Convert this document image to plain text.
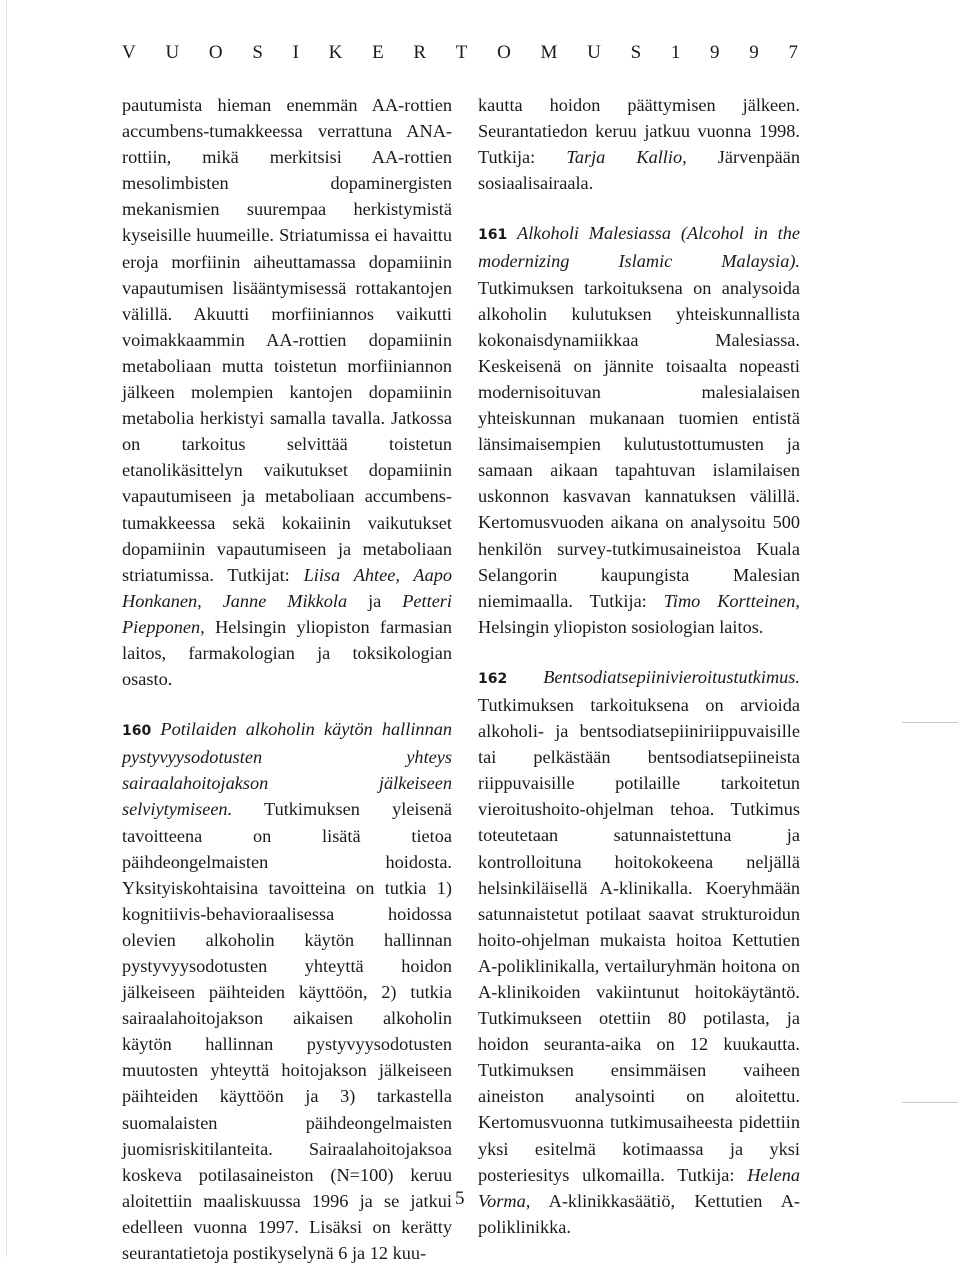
V U O S I K E R T O M U S 1 9 9 7

pautumista hieman enemmän AA-rottien accumbens-tumakkeessa verrattuna ANA-rottiin, mikä merkitsisi AA-rottien mesolimbisten dopaminergisten mekanismien suurempaa herkistymistä kyseisille huumeille. Striatumissa ei havaittu eroja morfiinin aiheuttamassa dopamiinin vapautumisen lisääntymisessä rottakantojen välillä. Akuutti morfiiniannos vaikutti voimakkaammin AA-rottien dopamiinin metaboliaan mutta toistetun morfiiniannon jälkeen molempien kantojen dopamiinin metabolia herkistyi samalla tavalla. Jatkossa on tarkoitus selvittää toistetun etanolikäsittelyn vaikutukset dopamiinin vapautumiseen ja metaboliaan accumbens-tumakkeessa sekä kokaiinin vaikutukset dopamiinin vapautumiseen ja metaboliaan striatumissa. Tutkijat: Liisa Ahtee, Aapo Honkanen, Janne Mikkola ja Petteri Piepponen, Helsingin yliopiston farmasian laitos, farmakologian ja toksikologian osasto.

160 Potilaiden alkoholin käytön hallinnan pystyvyysodotusten yhteys sairaalahoitojakson jälkeiseen selviytymiseen. Tutkimuksen yleisenä tavoitteena on lisätä tietoa päihdeongelmaisten hoidosta. Yksityiskohtaisina tavoitteina on tutkia 1) kognitiivis-behavioraalisessa hoidossa olevien alkoholin käytön hallinnan pystyvyysodotusten yhteyttä hoidon jälkeiseen päihteiden käyttöön, 2) tutkia sairaalahoitojakson aikaisen alkoholin käytön hallinnan pystyvyysodotusten muutosten yhteyttä hoitojakson jälkeiseen päihteiden käyttöön ja 3) tarkastella suomalaisten päihdeongelmaisten juomisriskitilanteita. Sairaalahoitojaksoa koskeva potilasaineiston (N=100) keruu aloitettiin maaliskuussa 1996 ja se jatkui edelleen vuonna 1997. Lisäksi on kerätty seurantatietoja postikyselynä 6 ja 12 kuu-

kautta hoidon päättymisen jälkeen. Seurantatiedon keruu jatkuu vuonna 1998. Tutkija: Tarja Kallio, Järvenpään sosiaalisairaala.

161 Alkoholi Malesiassa (Alcohol in the modernizing Islamic Malaysia). Tutkimuksen tarkoituksena on analysoida alkoholin kulutuksen yhteiskunnallista kokonaisdynamiikkaa Malesiassa. Keskeisenä on jännite toisaalta nopeasti modernisoituvan malesialaisen yhteiskunnan mukanaan tuomien entistä länsimaisempien kulutustottumusten ja samaan aikaan tapahtuvan islamilaisen uskonnon kasvavan kannatuksen välillä. Kertomusvuoden aikana on analysoitu 500 henkilön survey-tutkimusaineistoa Kuala Selangorin kaupungista Malesian niemimaalla. Tutkija: Timo Kortteinen, Helsingin yliopiston sosiologian laitos.

162 Bentsodiatsepiinivieroitustutkimus. Tutkimuksen tarkoituksena on arvioida alkoholi- ja bentsodiatsepiiniriippuvaisille tai pelkästään bentsodiatsepiineista riippuvaisille potilaille tarkoitetun vieroitushoito-ohjelman tehoa. Tutkimus toteutetaan satunnaistettuna ja kontrolloituna hoitokokeena neljällä helsinkiläisellä A-klinikalla. Koeryhmään satunnaistetut potilaat saavat strukturoidun hoito-ohjelman mukaista hoitoa Kettutien A-poliklinikalla, vertailuryhmän hoitona on A-klinikoiden vakiintunut hoitokäytäntö. Tutkimukseen otettiin 80 potilasta, ja hoidon seuranta-aika on 12 kuukautta. Tutkimuksen ensimmäisen vaiheen aineiston analysointi on aloitettu. Kertomusvuonna tutkimusaiheesta pidettiin yksi esitelmä kotimaassa ja yksi posteriesitys ulkomailla. Tutkija: Helena Vorma, A-klinikkasäätiö, Kettutien A-poliklinikka.

5
